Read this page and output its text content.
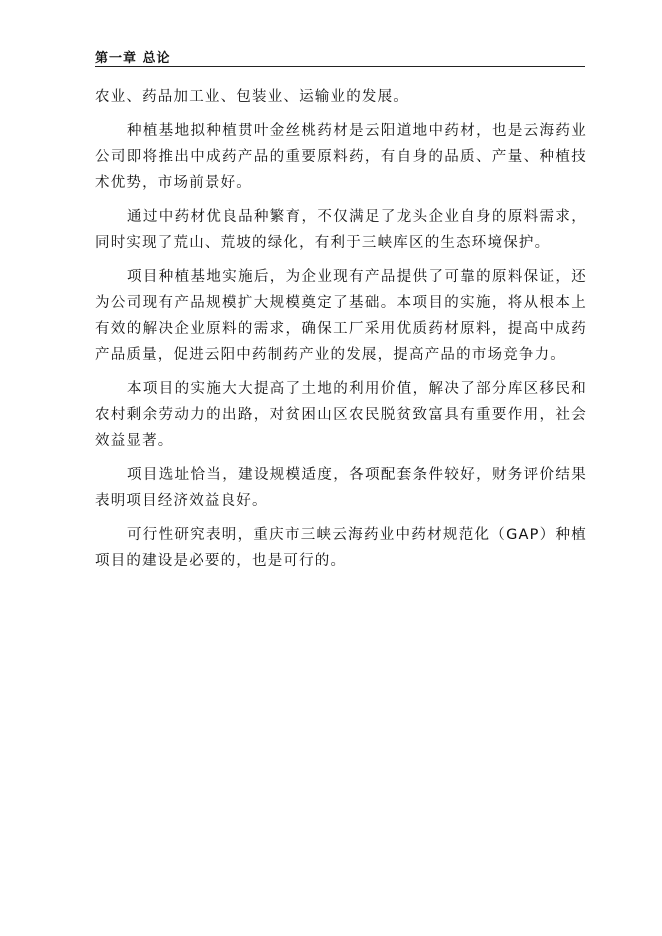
第一章 总论

农业、药品加工业、包装业、运输业的发展。

种植基地拟种植贯叶金丝桃药材是云阳道地中药材，也是云海药业公司即将推出中成药产品的重要原料药，有自身的品质、产量、种植技术优势，市场前景好。

通过中药材优良品种繁育，不仅满足了龙头企业自身的原料需求，同时实现了荒山、荒坡的绿化，有利于三峡库区的生态环境保护。

项目种植基地实施后，为企业现有产品提供了可靠的原料保证，还为公司现有产品规模扩大规模奠定了基础。本项目的实施，将从根本上有效的解决企业原料的需求，确保工厂采用优质药材原料，提高中成药产品质量，促进云阳中药制药产业的发展，提高产品的市场竞争力。

本项目的实施大大提高了土地的利用价值，解决了部分库区移民和农村剩余劳动力的出路，对贫困山区农民脱贫致富具有重要作用，社会效益显著。

项目选址恰当，建设规模适度，各项配套条件较好，财务评价结果表明项目经济效益良好。

可行性研究表明，重庆市三峡云海药业中药材规范化（GAP）种植项目的建设是必要的，也是可行的。
